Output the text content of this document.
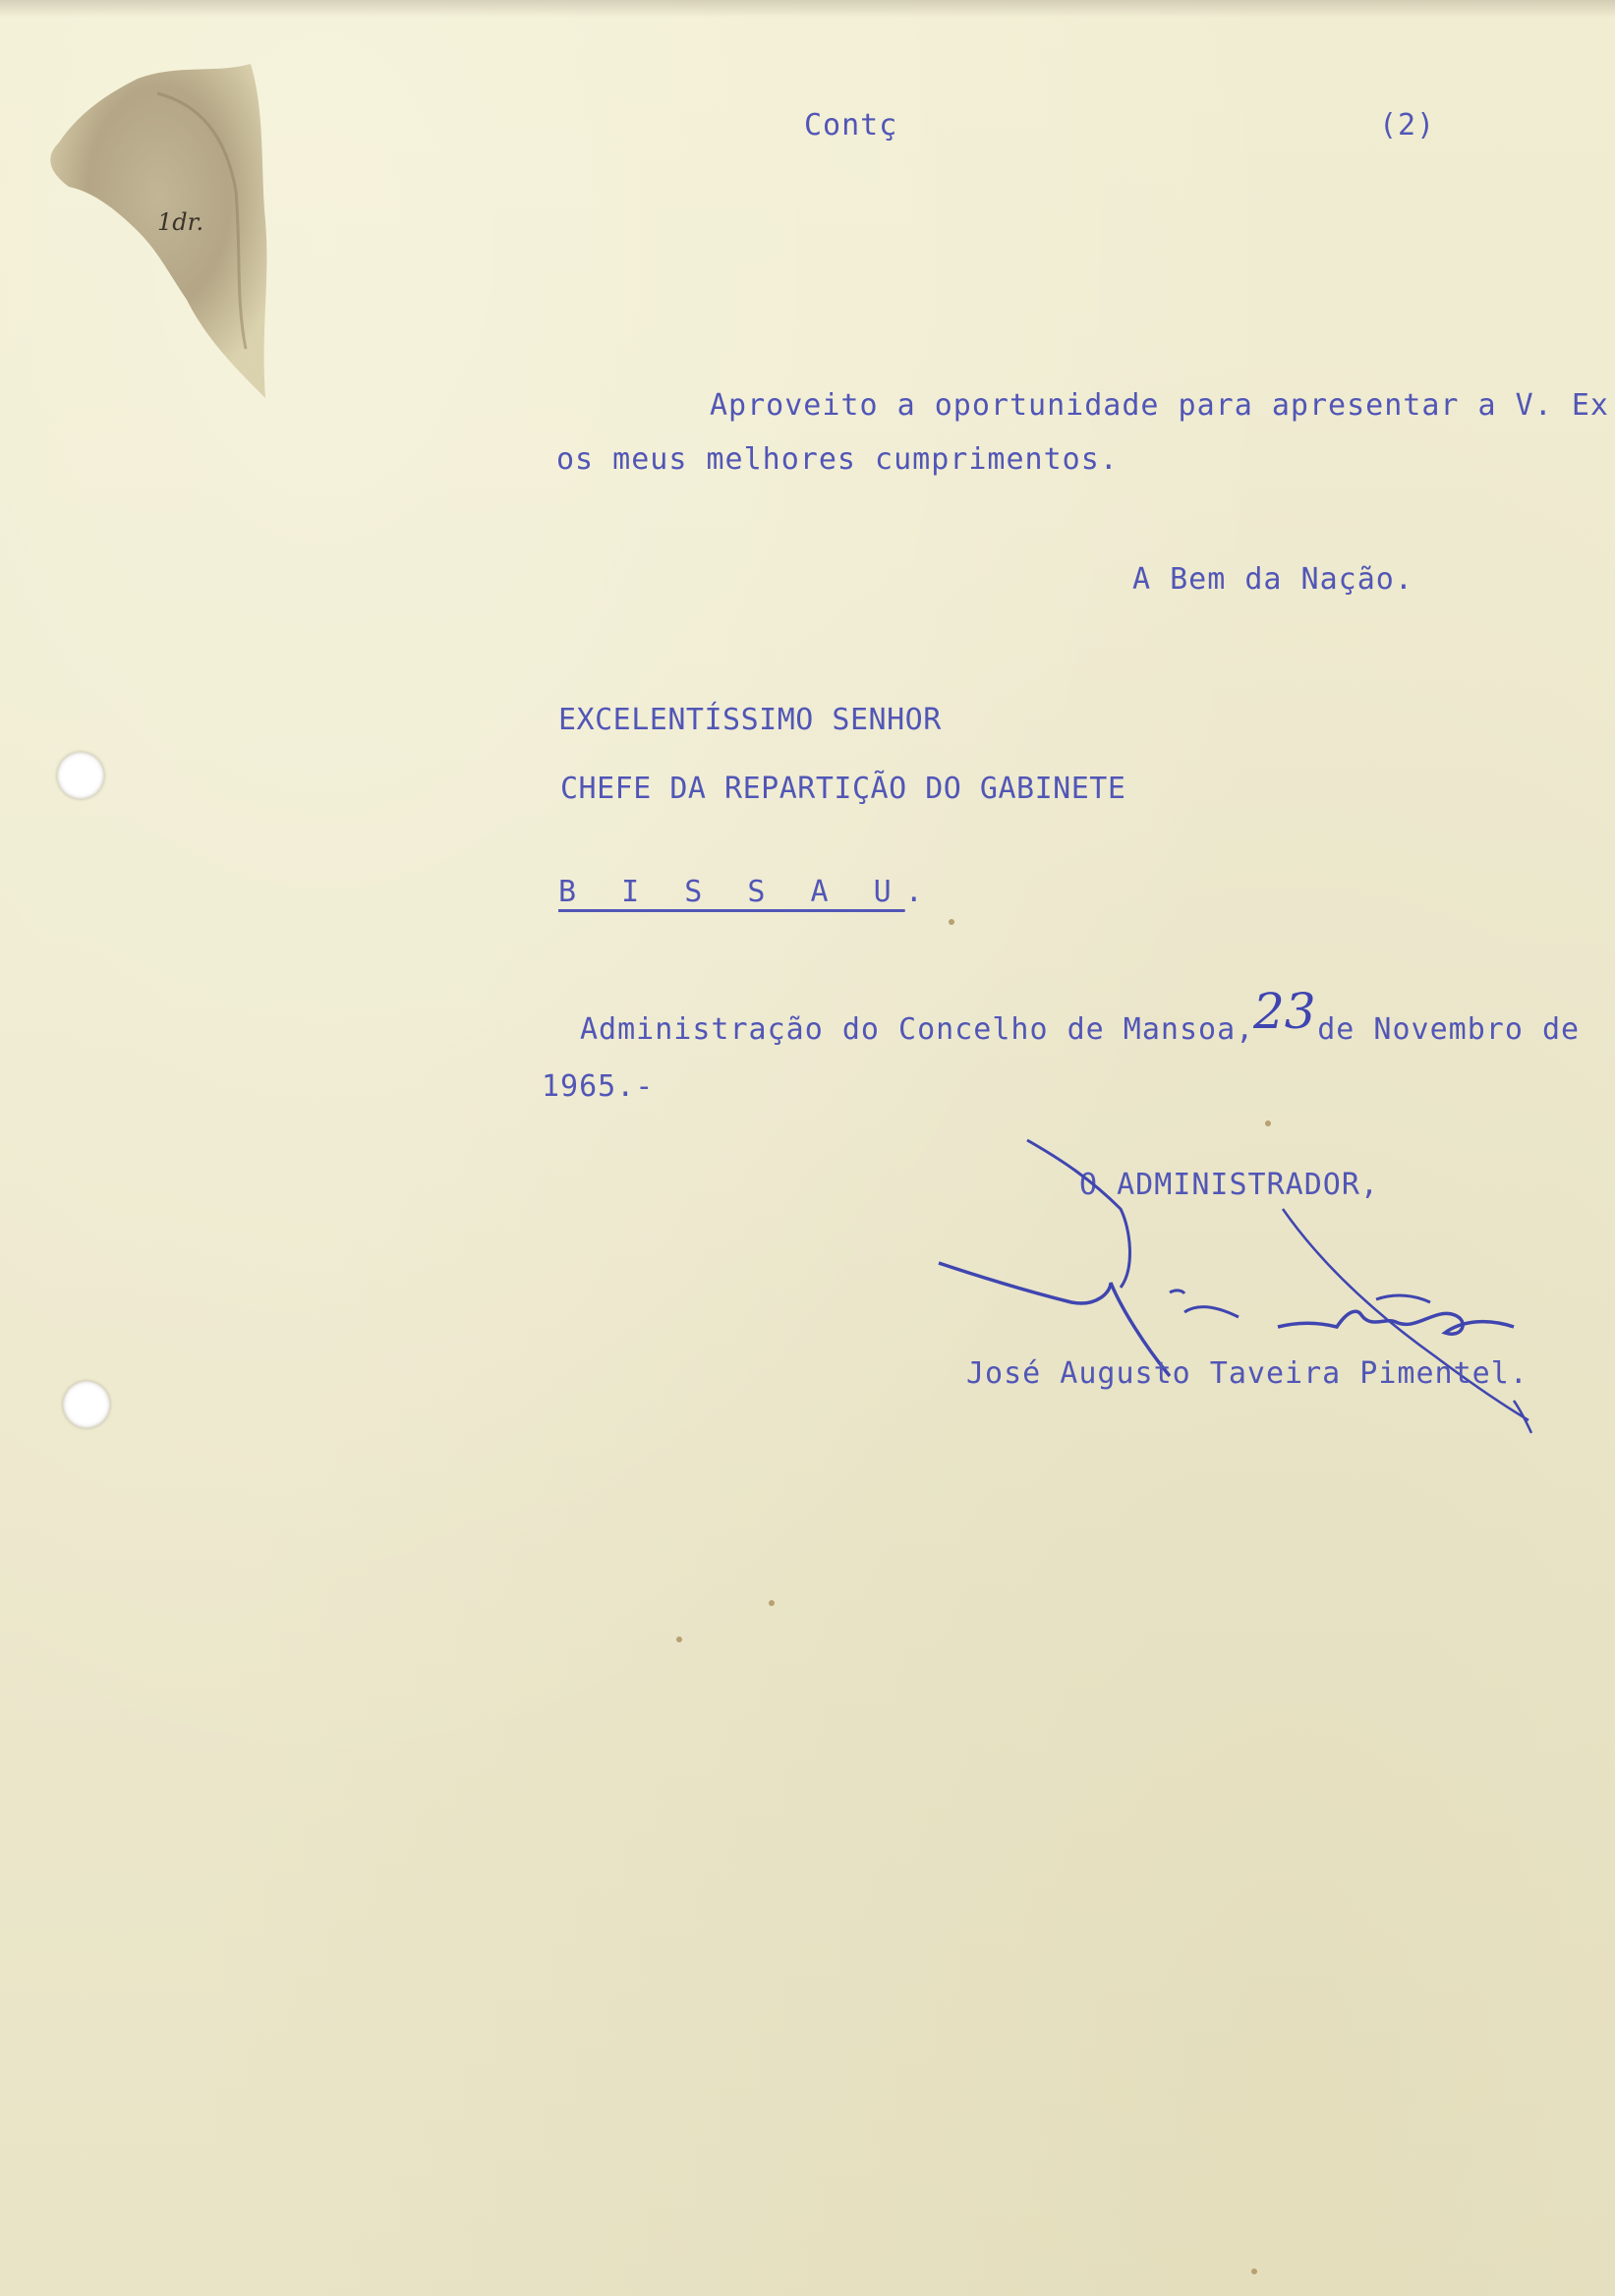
1dr.
Contç	(2)
Aproveito a oportunidade para apresentar a V. Ex
os meus melhores cumprimentos.
A Bem da Nação.
EXCELENTÍSSIMO SENHOR
CHEFE DA REPARTIÇÃO DO GABINETE
B I S S A U.
Administração do Concelho de Mansoa, de Novembro de
23
1965.-
O ADMINISTRADOR,
José Augusto Taveira Pimentel.
